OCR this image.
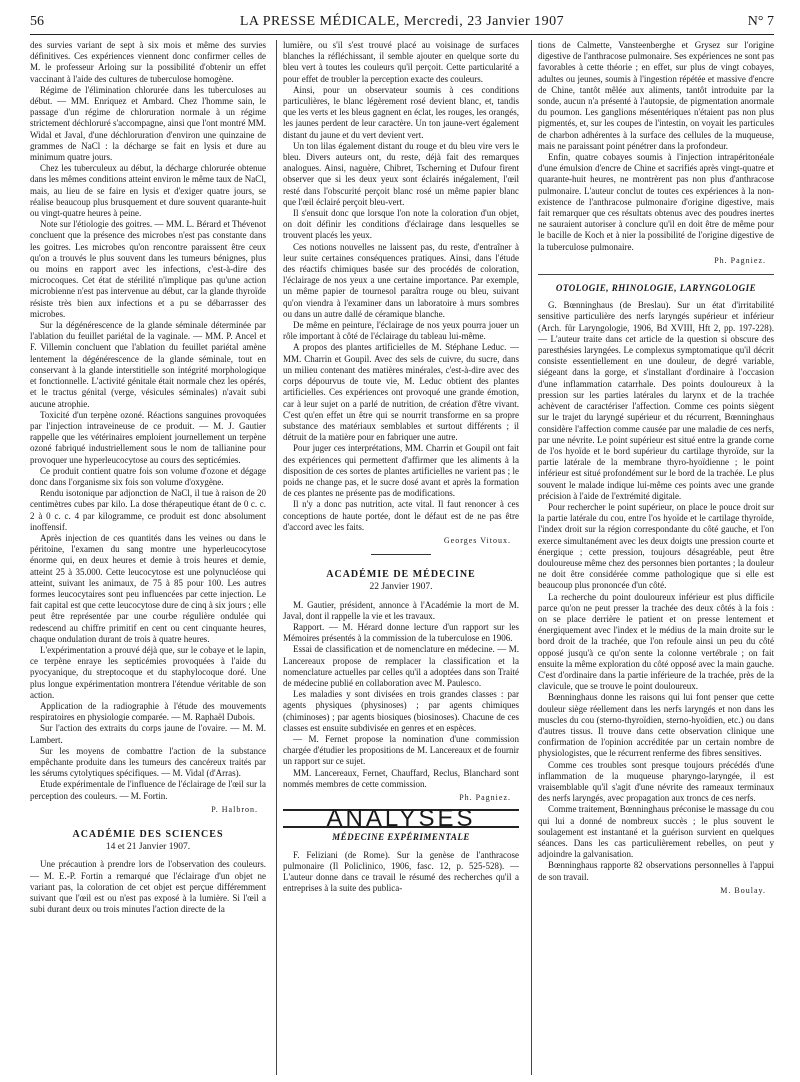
LA PRESSE MÉDICALE, Mercredi, 23 Janvier 1907
56	N° 7

des survies variant de sept à six mois et même des survies définitives. Ces expériences viennent donc confirmer celles de M. le professeur Arloing sur la possibilité d'obtenir un effet vaccinant à l'aide des cultures de tuberculose homogène.

Régime de l'élimination chlorurée dans les tuberculoses au début. — MM. Enriquez et Ambard. Chez l'homme sain, le passage d'un régime de chloruration normale à un régime strictement déchloruré s'accompagne, ainsi que l'ont montré MM. Widal et Javal, d'une déchloruration d'environ une quinzaine de grammes de NaCl : la décharge se fait en lysis et dure au minimum quatre jours.

Chez les tuberculeux au début, la décharge chlorurée obtenue dans les mêmes conditions atteint environ le même taux de NaCl, mais, au lieu de se faire en lysis et d'exiger quatre jours, se réalise beaucoup plus brusquement et dure souvent quarante-huit ou vingt-quatre heures à peine.

Note sur l'étiologie des goitres. — MM. L. Bérard et Thévenot concluent que la présence des microbes n'est pas constante dans les goitres. Les microbes qu'on rencontre paraissent être ceux qu'on a trouvés le plus souvent dans les tumeurs bénignes, plus ou moins en rapport avec les infections, c'est-à-dire des microcoques. Cet état de stérilité n'implique pas qu'une action microbienne n'est pas intervenue au début, car la glande thyroïde résiste très bien aux infections et a pu se débarrasser des microbes.

Sur la dégénérescence de la glande séminale déterminée par l'ablation du feuillet pariétal de la vaginale. — MM. P. Ancel et F. Villemin concluent que l'ablation du feuillet pariétal amène lentement la dégénérescence de la glande séminale, tout en conservant à la glande interstitielle son intégrité morphologique et fonctionnelle. L'activité génitale était normale chez les opérés, et le tractus génital (verge, vésicules séminales) n'avait subi aucune atrophie.

Toxicité d'un terpène ozoné. Réactions sanguines provoquées par l'injection intraveineuse de ce produit. — M. J. Gautier rappelle que les vétérinaires emploient journellement un terpène ozoné fabriqué industriellement sous le nom de tallianine pour provoquer une hyperleucocytose au cours des septicémies.

Ce produit contient quatre fois son volume d'ozone et dégage donc dans l'organisme six fois son volume d'oxygène.

Rendu isotonique par adjonction de NaCl, il tue à raison de 20 centimètres cubes par kilo. La dose thérapeutique étant de 0 c. c. 2 à 0 c. c. 4 par kilogramme, ce produit est donc absolument inoffensif.

Après injection de ces quantités dans les veines ou dans le péritoine, l'examen du sang montre une hyperleucocytose énorme qui, en deux heures et demie à trois heures et demie, atteint 25 à 35.000. Cette leucocytose est une polynucléose qui atteint, suivant les animaux, de 75 à 85 pour 100. Les autres formes leucocytaires sont peu influencées par cette injection. Le fait capital est que cette leucocytose dure de cinq à six jours ; elle peut être représentée par une courbe régulière ondulée qui redescend au chiffre primitif en cent ou cent cinquante heures, chaque ondulation durant de trois à quatre heures.

L'expérimentation a prouvé déjà que, sur le cobaye et le lapin, ce terpène enraye les septicémies provoquées à l'aide du pyocyanique, du streptocoque et du staphylocoque doré. Une plus longue expérimentation montrera l'étendue véritable de son action.

Application de la radiographie à l'étude des mouvements respiratoires en physiologie comparée. — M. Raphaël Dubois.

Sur l'action des extraits du corps jaune de l'ovaire. — M. M. Lambert.

Sur les moyens de combattre l'action de la substance empêchante produite dans les tumeurs des cancéreux traités par les sérums cytolytiques spécifiques. — M. Vidal (d'Arras).

Etude expérimentale de l'influence de l'éclairage de l'œil sur la perception des couleurs. — M. Fortin.

P. Halbron.
ACADÉMIE DES SCIENCES
14 et 21 Janvier 1907.

Une précaution à prendre lors de l'observation des couleurs. — M. E.-P. Fortin a remarqué que l'éclairage d'un objet ne variant pas, la coloration de cet objet est perçue différemment suivant que l'œil est ou n'est pas exposé à la lumière. Si l'œil a subi durant deux ou trois minutes l'action directe de la

lumière, ou s'il s'est trouvé placé au voisinage de surfaces blanches la réfléchissant, il semble ajouter en quelque sorte du bleu vert à toutes les couleurs qu'il perçoit. Cette particularité a pour effet de troubler la perception exacte des couleurs.

Ainsi, pour un observateur soumis à ces conditions particulières, le blanc légèrement rosé devient blanc, et, tandis que les verts et les bleus gagnent en éclat, les rouges, les orangés, les jaunes perdent de leur caractère. Un ton jaune-vert également distant du jaune et du vert devient vert.

Un ton lilas également distant du rouge et du bleu vire vers le bleu. Divers auteurs ont, du reste, déjà fait des remarques analogues. Ainsi, naguère, Chibret, Tscherning et Dufour firent observer que si les deux yeux sont éclairés inégalement, l'œil resté dans l'obscurité perçoit blanc rosé un même papier blanc que l'œil éclairé perçoit bleu-vert.

Il s'ensuit donc que lorsque l'on note la coloration d'un objet, on doit définir les conditions d'éclairage dans lesquelles se trouvent placés les yeux.

Ces notions nouvelles ne laissent pas, du reste, d'entraîner à leur suite certaines conséquences pratiques. Ainsi, dans l'étude des réactifs chimiques basée sur des procédés de coloration, l'éclairage de nos yeux a une certaine importance. Par exemple, un même papier de tournesol paraîtra rouge ou bleu, suivant qu'on viendra à l'examiner dans un laboratoire à murs sombres ou dans un autre dallé de céramique blanche.

De même en peinture, l'éclairage de nos yeux pourra jouer un rôle important à côté de l'éclairage du tableau lui-même.

A propos des plantes artificielles de M. Stéphane Leduc. — MM. Charrin et Goupil. Avec des sels de cuivre, du sucre, dans un milieu contenant des matières minérales, c'est-à-dire avec des corps dépourvus de toute vie, M. Leduc obtient des plantes artificielles. Ces expériences ont provoqué une grande émotion, car à leur sujet on a parlé de nutrition, de création d'être vivant. C'est qu'en effet un être qui se nourrit transforme en sa propre substance des matériaux semblables et surtout différents ; il détruit de la matière pour en fabriquer une autre.

Pour juger ces interprétations, MM. Charrin et Goupil ont fait des expériences qui permettent d'affirmer que les aliments à la disposition de ces sortes de plantes artificielles ne varient pas ; le poids ne change pas, et le sucre dosé avant et après la formation de ces plantes ne présente pas de modifications.

Il n'y a donc pas nutrition, acte vital. Il faut renoncer à ces conceptions de haute portée, dont le défaut est de ne pas être d'accord avec les faits.

Georges Vitoux.
ACADÉMIE DE MÉDECINE
22 Janvier 1907.

M. Gautier, président, annonce à l'Académie la mort de M. Javal, dont il rappelle la vie et les travaux.

Rapport. — M. Hérard donne lecture d'un rapport sur les Mémoires présentés à la commission de la tuberculose en 1906.

Essai de classification et de nomenclature en médecine. — M. Lancereaux propose de remplacer la classification et la nomenclature actuelles par celles qu'il a adoptées dans son Traité de médecine publié en collaboration avec M. Paulesco.

Les maladies y sont divisées en trois grandes classes : par agents physiques (physinoses) ; par agents chimiques (chiminoses) ; par agents biosiques (biosinoses). Chacune de ces classes est ensuite subdivisée en genres et en espèces.

— M. Fernet propose la nomination d'une commission chargée d'étudier les propositions de M. Lancereaux et de fournir un rapport sur ce sujet.

MM. Lancereaux, Fernet, Chauffard, Reclus, Blanchard sont nommés membres de cette commission.

Ph. Pagniez.
ANALYSES
MÉDECINE EXPÉRIMENTALE

F. Feliziani (de Rome). Sur la genèse de l'anthracose pulmonaire (Il Policlinico, 1906, fasc. 12, p. 525-528). — L'auteur donne dans ce travail le résumé des recherches qu'il a entreprises à la suite des publica-

tions de Calmette, Vansteenberghe et Grysez sur l'origine digestive de l'anthracose pulmonaire. Ses expériences ne sont pas favorables à cette théorie ; en effet, sur plus de vingt cobayes, adultes ou jeunes, soumis à l'ingestion répétée et massive d'encre de Chine, tantôt mêlée aux aliments, tantôt introduite par la sonde, aucun n'a présenté à l'autopsie, de pigmentation anormale du poumon. Les ganglions mésentériques n'étaient pas non plus pigmentés, et, sur les coupes de l'intestin, on voyait les particules de charbon adhérentes à la surface des cellules de la muqueuse, mais ne paraissant point pénétrer dans la profondeur.

Enfin, quatre cobayes soumis à l'injection intrapéritonéale d'une émulsion d'encre de Chine et sacrifiés après vingt-quatre et quarante-huit heures, ne montrèrent pas non plus d'anthracose pulmonaire. L'auteur conclut de toutes ces expériences à la non-existence de l'anthracose pulmonaire d'origine digestive, mais fait remarquer que ces résultats obtenus avec des poudres inertes ne sauraient autoriser à conclure qu'il en doit être de même pour le bacille de Koch et à nier la possibilité de l'origine digestive de la tuberculose pulmonaire.

Ph. Pagniez.
OTOLOGIE, RHINOLOGIE, LARYNGOLOGIE

G. Bœnninghaus (de Breslau). Sur un état d'irritabilité sensitive particulière des nerfs laryngés supérieur et inférieur (Arch. für Laryngologie, 1906, Bd XVIII, Hft 2, pp. 197-228). — L'auteur traite dans cet article de la question si obscure des paresthésies laryngées. Le complexus symptomatique qu'il décrit consiste essentiellement en une douleur, de degré variable, siégeant dans la gorge, et s'installant d'ordinaire à l'occasion d'une inflammation catarrhale. Des points douloureux à la pression sur les parties latérales du larynx et de la trachée achèvent de caractériser l'affection. Comme ces points siègent sur le trajet du laryngé supérieur et du récurrent, Bœnninghaus considère l'affection comme causée par une maladie de ces nerfs, par une névrite. Le point supérieur est situé entre la grande corne de l'os hyoïde et le bord supérieur du cartilage thyroïde, sur la partie latérale de la membrane thyro-hyoïdienne ; le point inférieur est situé profondément sur le bord de la trachée. Le plus souvent le malade indique lui-même ces points avec une grande précision à l'aide de l'extrémité digitale.

Pour rechercher le point supérieur, on place le pouce droit sur la partie latérale du cou, entre l'os hyoïde et le cartilage thyroïde, l'index droit sur la région correspondante du côté gauche, et l'on exerce simultanément avec les deux doigts une pression courte et énergique ; cette pression, toujours désagréable, peut être douloureuse même chez des personnes bien portantes ; la douleur ne doit être considérée comme pathologique que si elle est beaucoup plus prononcée d'un côté.

La recherche du point douloureux inférieur est plus difficile parce qu'on ne peut presser la trachée des deux côtés à la fois : on se place derrière le patient et on presse lentement et énergiquement avec l'index et le médius de la main droite sur le bord droit de la trachée, que l'on refoule ainsi un peu du côté opposé jusqu'à ce qu'on sente la colonne vertébrale ; on fait ensuite la même exploration du côté opposé avec la main gauche. C'est d'ordinaire dans la partie inférieure de la trachée, près de la clavicule, que se trouve le point douloureux.

Bœnninghaus donne les raisons qui lui font penser que cette douleur siège réellement dans les nerfs laryngés et non dans les muscles du cou (sterno-thyroïdien, sterno-hyoïdien, etc.) ou dans d'autres tissus. Il trouve dans cette observation clinique une confirmation de l'opinion accréditée par un certain nombre de physiologistes, que le récurrent renferme des fibres sensitives.

Comme ces troubles sont presque toujours précédés d'une inflammation de la muqueuse pharyngo-laryngée, il est vraisemblable qu'il s'agit d'une névrite des rameaux terminaux des nerfs laryngés, avec propagation aux troncs de ces nerfs.

Comme traitement, Bœnninghaus préconise le massage du cou qui lui a donné de nombreux succès ; le plus souvent le soulagement est instantané et la guérison survient en quelques séances. Dans les cas particulièrement rebelles, on peut y adjoindre la galvanisation.

Bœnninghaus rapporte 82 observations personnelles à l'appui de son travail.

M. Boulay.
